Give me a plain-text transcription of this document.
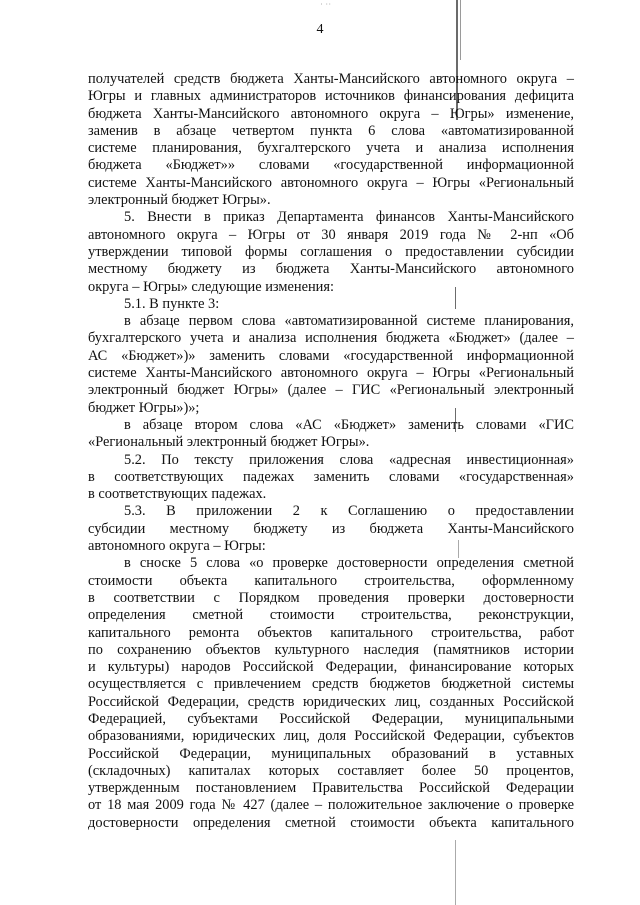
4
˙ ˙˙
получателей средств бюджета Ханты-Мансийского автономного округа –
Югры и главных администраторов источников финансирования дефицита
бюджета Ханты-Мансийского автономного округа – Югры» изменение,
заменив в абзаце четвертом пункта 6 слова «автоматизированной
системе планирования, бухгалтерского учета и анализа исполнения
бюджета «Бюджет»» словами «государственной информационной
системе Ханты-Мансийского автономного округа – Югры «Региональный
электронный бюджет Югры».
5. Внести в приказ Департамента финансов Ханты-Мансийского
автономного округа – Югры от 30 января 2019 года № 2-нп «Об
утверждении типовой формы соглашения о предоставлении субсидии
местному бюджету из бюджета Ханты-Мансийского автономного
округа – Югры» следующие изменения:
5.1. В пункте 3:
в абзаце первом слова «автоматизированной системе планирования,
бухгалтерского учета и анализа исполнения бюджета «Бюджет» (далее –
АС «Бюджет»)» заменить словами «государственной информационной
системе Ханты-Мансийского автономного округа – Югры «Региональный
электронный бюджет Югры» (далее – ГИС «Региональный электронный
бюджет Югры»)»;
в абзаце втором слова «АС «Бюджет» заменить словами «ГИС
«Региональный электронный бюджет Югры».
5.2. По тексту приложения слова «адресная инвестиционная»
в соответствующих падежах заменить словами «государственная»
в соответствующих падежах.
5.3. В приложении 2 к Соглашению о предоставлении
субсидии местному бюджету из бюджета Ханты-Мансийского
автономного округа – Югры:
в сноске 5 слова «о проверке достоверности определения сметной
стоимости объекта капитального строительства, оформленному
в соответствии с Порядком проведения проверки достоверности
определения сметной стоимости строительства, реконструкции,
капитального ремонта объектов капитального строительства, работ
по сохранению объектов культурного наследия (памятников истории
и культуры) народов Российской Федерации, финансирование которых
осуществляется с привлечением средств бюджетов бюджетной системы
Российской Федерации, средств юридических лиц, созданных Российской
Федерацией, субъектами Российской Федерации, муниципальными
образованиями, юридических лиц, доля Российской Федерации, субъектов
Российской Федерации, муниципальных образований в уставных
(складочных) капиталах которых составляет более 50 процентов,
утвержденным постановлением Правительства Российской Федерации
от 18 мая 2009 года № 427 (далее – положительное заключение о проверке
достоверности определения сметной стоимости объекта капитального
